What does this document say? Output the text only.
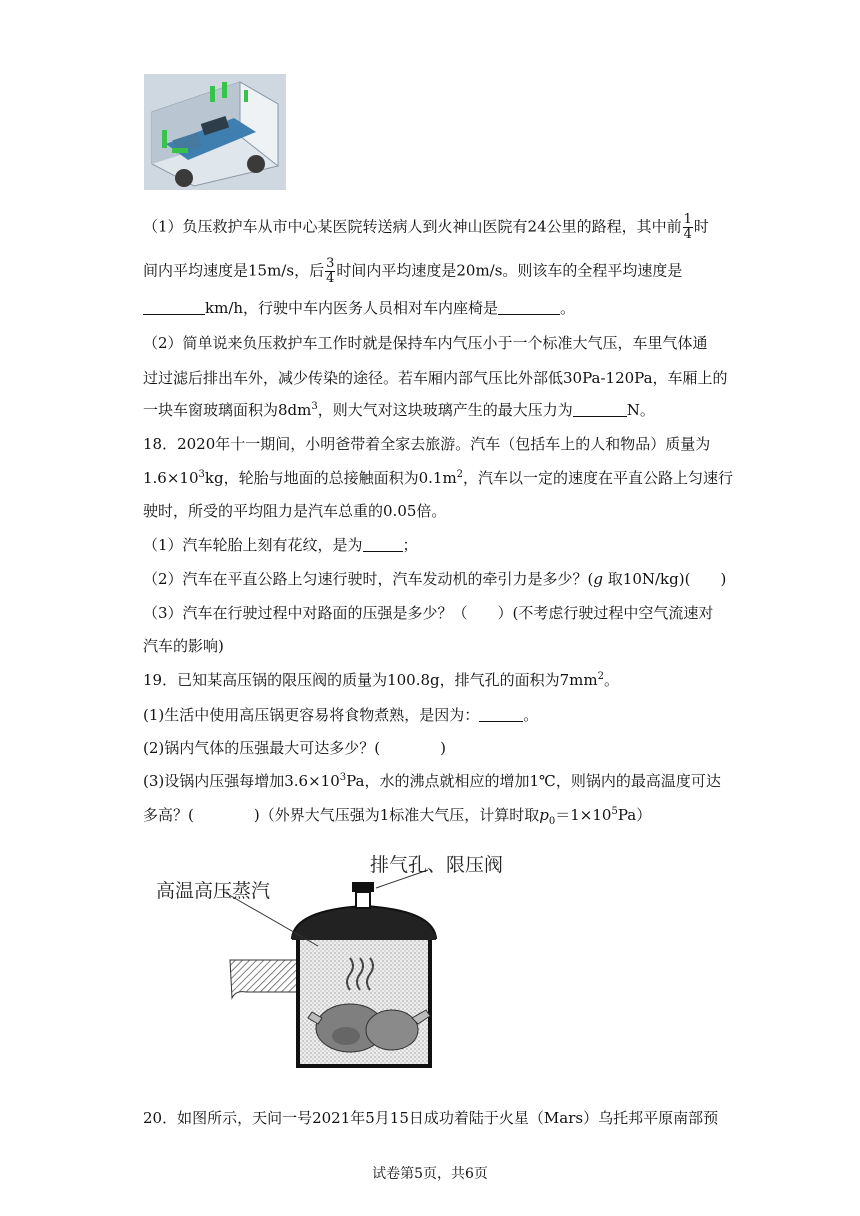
（1）负压救护车从市中心某医院转送病人到火神山医院有24公里的路程，其中前 $\frac{1}{4}$ 时
间内平均速度是15m/s，后 $\frac{3}{4}$ 时间内平均速度是20m/s。则该车的全程平均速度是
km/h，行驶中车内医务人员相对车内座椅是	。
（2）简单说来负压救护车工作时就是保持车内气压小于一个标准大气压，车里气体通
过过滤后排出车外，减少传染的途径。若车厢内部气压比外部低30Pa-120Pa，车厢上的
一块车窗玻璃面积为$8dm^3$，则大气对这块玻璃产生的最大压力为	N。
18．2020年十一期间，小明爸带着全家去旅游。汽车（包括车上的人和物品）质量为
$1.6\times 10^3kg$，轮胎与地面的总接触面积为$0.1m^2$，汽车以一定的速度在平直公路上匀速行
驶时，所受的平均阻力是汽车总重的0.05倍。
（1）汽车轮胎上刻有花纹，是为	；
（2）汽车在平直公路上匀速行驶时，汽车发动机的牵引力是多少？(g 取10N/kg)(　　)
（3）汽车在行驶过程中对路面的压强是多少？（　　）(不考虑行驶过程中空气流速对
汽车的影响)
19．已知某高压锅的限压阀的质量为100.8g，排气孔的面积为$7mm^2$。
(1)生活中使用高压锅更容易将食物煮熟，是因为：	。
(2)锅内气体的压强最大可达多少？(　　　　)
(3)设锅内压强每增加$3.6\times 10^3Pa$，水的沸点就相应的增加1℃，则锅内的最高温度可达
多高？(　　　　)（外界大气压强为1标准大气压，计算时取$p_0=1\times 10^5Pa$）
高温高压蒸汽
排气孔、限压阀
20．如图所示，天问一号2021年5月15日成功着陆于火星（Mars）乌托邦平原南部预
试卷第5页，共6页
